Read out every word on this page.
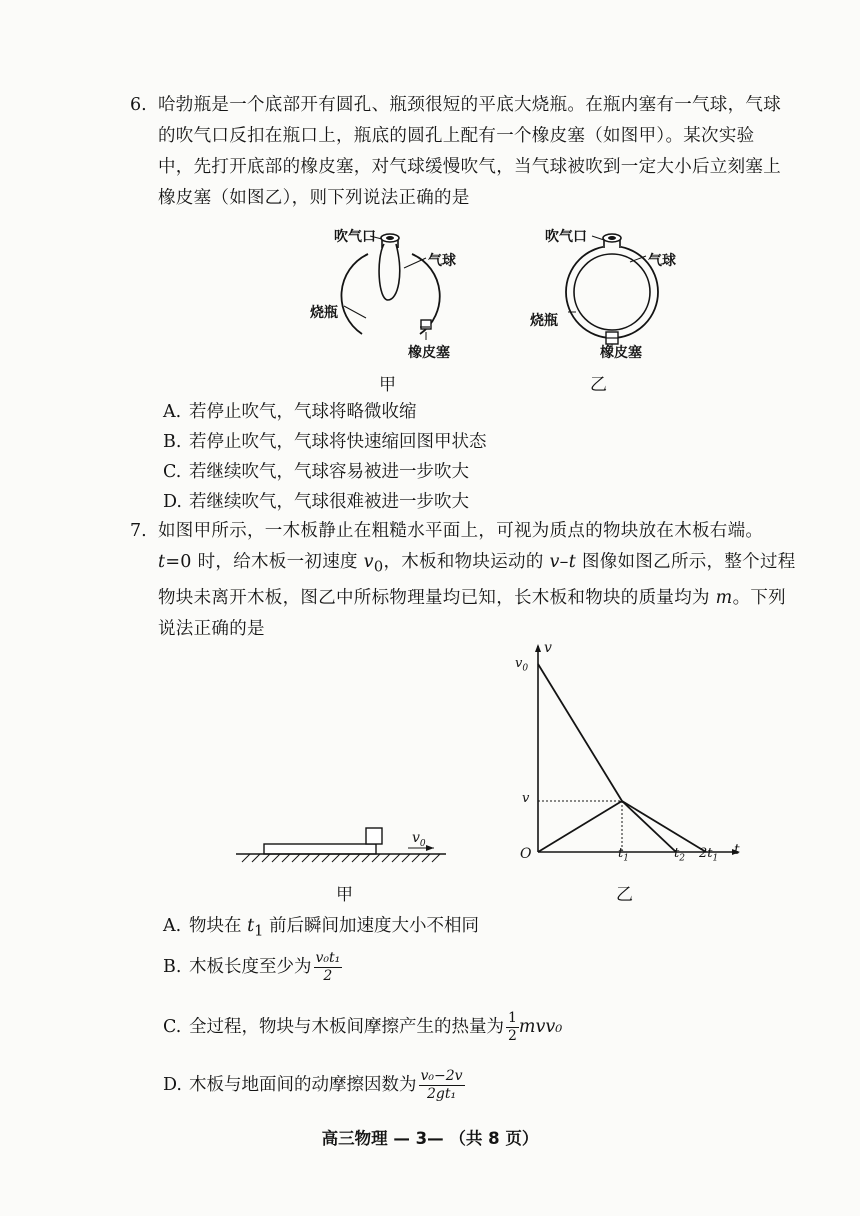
6. 哈勃瓶是一个底部开有圆孔、瓶颈很短的平底大烧瓶。在瓶内塞有一气球，气球
的吹气口反扣在瓶口上，瓶底的圆孔上配有一个橡皮塞（如图甲）。某次实验
中，先打开底部的橡皮塞，对气球缓慢吹气，当气球被吹到一定大小后立刻塞上
橡皮塞（如图乙），则下列说法正确的是
吹气口
气球
烧瓶
橡皮塞
甲
吹气口
气球
烧瓶
橡皮塞
乙
A. 若停止吹气，气球将略微收缩
B. 若停止吹气，气球将快速缩回图甲状态
C. 若继续吹气，气球容易被进一步吹大
D. 若继续吹气，气球很难被进一步吹大
7. 如图甲所示，一木板静止在粗糙水平面上，可视为质点的物块放在木板右端。
t=0 时，给木板一初速度 $v_0$，木板和物块运动的 v–t 图像如图乙所示，整个过程
物块未离开木板，图乙中所标物理量均已知，长木板和物块的质量均为 m。下列
说法正确的是
$v_0$
甲
v
$v_0$
v
O	$t_1$	$t_2$ $2t_1$
t
乙
A. 物块在 $t_1$ 前后瞬间加速度大小不相同
B. 木板长度至少为 $\frac{\text{v₀t₁}}{2}$
C. 全过程，物块与木板间摩擦产生的热量为 $\frac{1}{2} mvv_0$
D. 木板与地面间的动摩擦因数为 $\frac{\text{v₀−2v}}{\text{2gt₁}}$
高三物理 — 3— （共 8 页）
